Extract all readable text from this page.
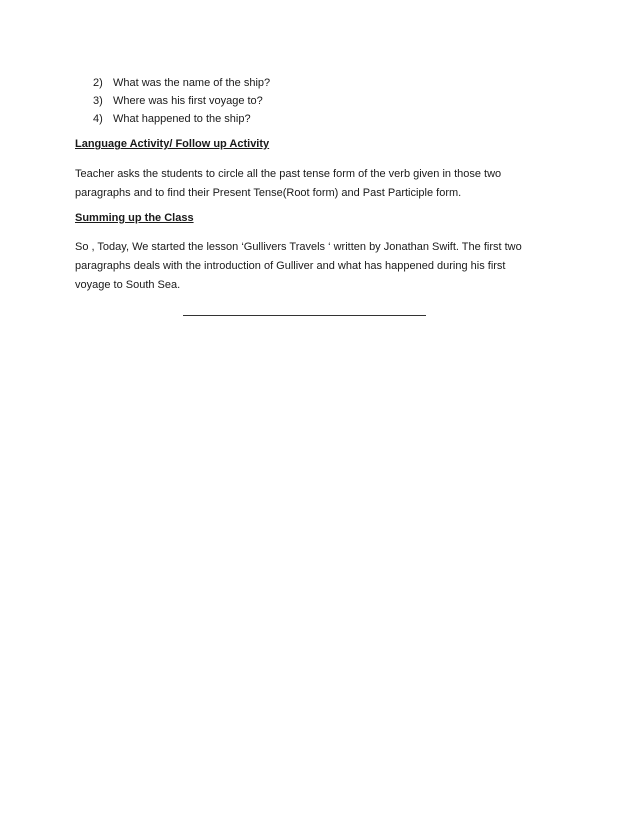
2) What was the name of the ship?
3) Where was his first voyage to?
4) What happened to the ship?
Language Activity/ Follow up Activity

Teacher asks the students to circle all the past tense form of the verb given in those two
paragraphs and to find their Present Tense(Root form) and Past Participle form.

Summing up the Class

So , Today, We started the lesson ‘Gullivers Travels ‘ written by Jonathan Swift. The first two
paragraphs deals with the introduction of Gulliver and what has happened during his first
voyage to South Sea.
